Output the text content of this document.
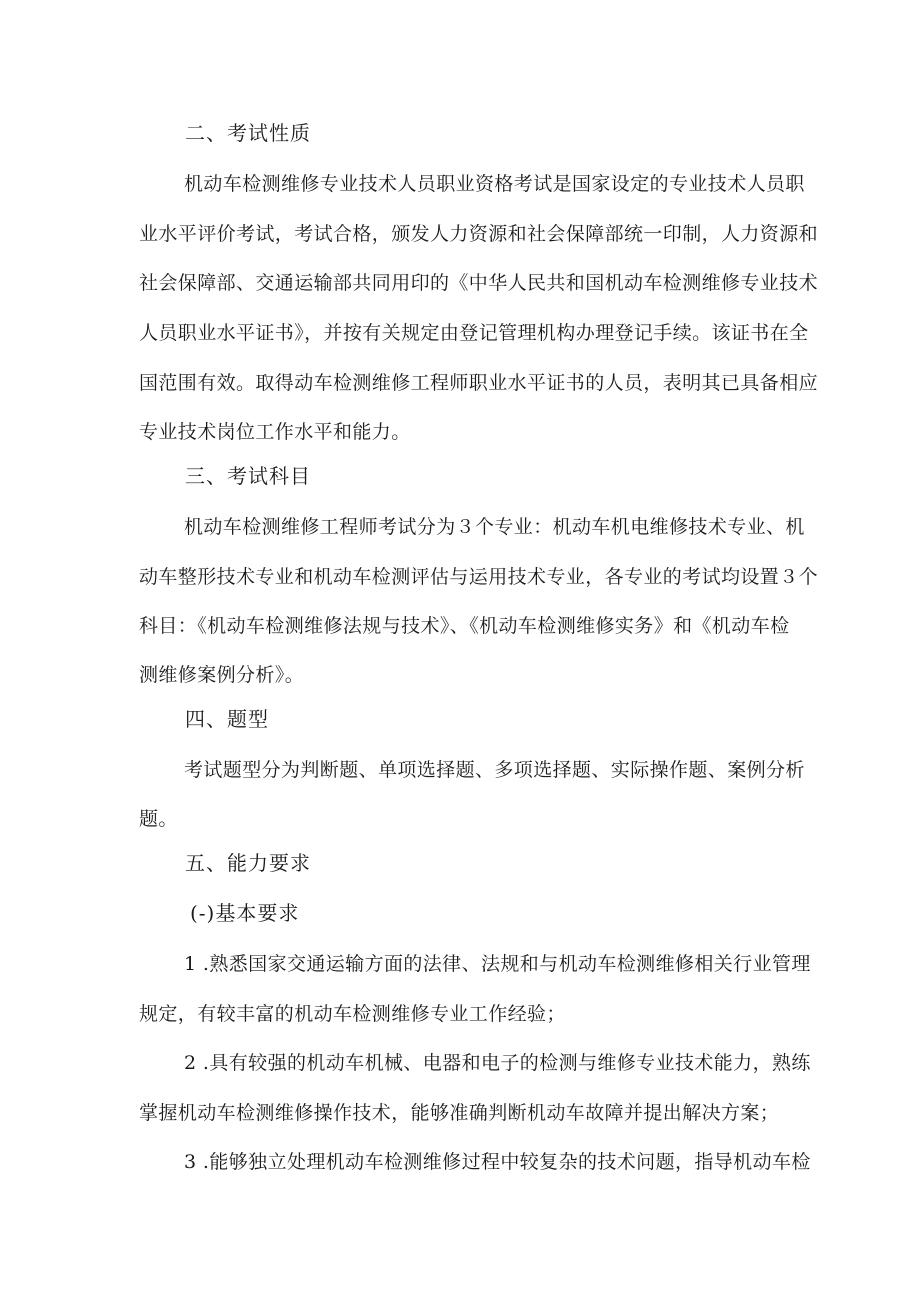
二、考试性质
机动车检测维修专业技术人员职业资格考试是国家设定的专业技术人员职
业水平评价考试，考试合格，颁发人力资源和社会保障部统一印制，人力资源和
社会保障部、交通运输部共同用印的《中华人民共和国机动车检测维修专业技术
人员职业水平证书》，并按有关规定由登记管理机构办理登记手续。该证书在全
国范围有效。取得动车检测维修工程师职业水平证书的人员，表明其已具备相应
专业技术岗位工作水平和能力。
三、考试科目
机动车检测维修工程师考试分为３个专业：机动车机电维修技术专业、机
动车整形技术专业和机动车检测评估与运用技术专业，各专业的考试均设置３个
科目：《机动车检测维修法规与技术》、《机动车检测维修实务》和《机动车检
测维修案例分析》。
四、题型
考试题型分为判断题、单项选择题、多项选择题、实际操作题、案例分析
题。
五、能力要求
(-)基本要求
1 .熟悉国家交通运输方面的法律、法规和与机动车检测维修相关行业管理
规定，有较丰富的机动车检测维修专业工作经验；
2 .具有较强的机动车机械、电器和电子的检测与维修专业技术能力，熟练
掌握机动车检测维修操作技术，能够准确判断机动车故障并提出解决方案；
3 .能够独立处理机动车检测维修过程中较复杂的技术问题，指导机动车检
